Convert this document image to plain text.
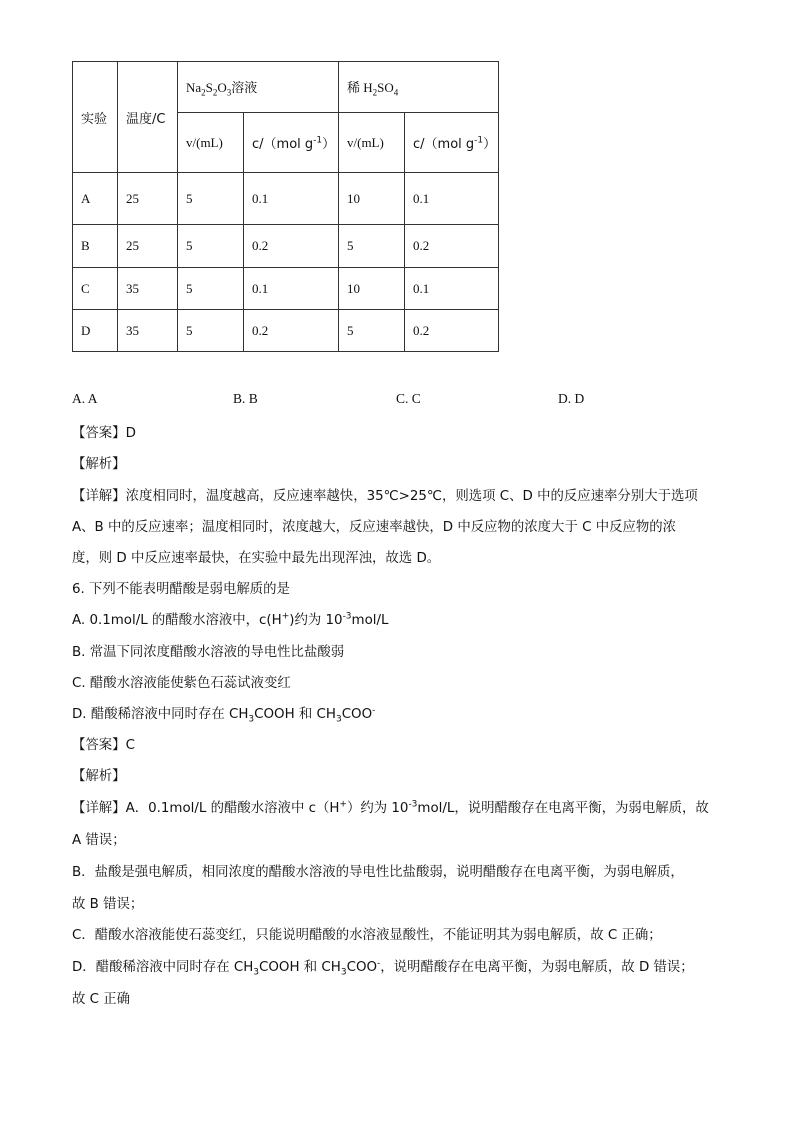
实验	温度/C	$Na_2S_2O_3$溶液		稀 $H_2SO_4$
		v/(mL)	c/（mol $g^{-1}$）	v/(mL)	c/（mol $g^{-1}$）
A	25	5	0.1	10	0.1
B	25	5	0.2	5	0.2
C	35	5	0.1	10	0.1
D	35	5	0.2	5	0.2
A. A	B. B	C. C	D. D
【答案】D
【解析】
【详解】浓度相同时，温度越高，反应速率越快，35℃>25℃，则选项 C、D 中的反应速率分别大于选项
A、B 中的反应速率；温度相同时，浓度越大，反应速率越快，D 中反应物的浓度大于 C 中反应物的浓
度，则 D 中反应速率最快，在实验中最先出现浑浊，故选 D。
6. 下列不能表明醋酸是弱电解质的是
A. 0.1mol/L 的醋酸水溶液中，c(H+)约为 $10^{-3}mol/L$
B. 常温下同浓度醋酸水溶液的导电性比盐酸弱
C. 醋酸水溶液能使紫色石蕊试液变红
D. 醋酸稀溶液中同时存在 $CH_3COOH$ 和 $CH_3COO^-$
【答案】C
【解析】
【详解】A．0.1mol/L 的醋酸水溶液中 c（H+）约为 $10^{-3}mol/L$，说明醋酸存在电离平衡，为弱电解质，故
A 错误；
B．盐酸是强电解质，相同浓度的醋酸水溶液的导电性比盐酸弱，说明醋酸存在电离平衡，为弱电解质，
故 B 错误；
C．醋酸水溶液能使石蕊变红，只能说明醋酸的水溶液显酸性，不能证明其为弱电解质，故 C 正确；
D．醋酸稀溶液中同时存在 $CH_3COOH$ 和 $CH_3COO^-$，说明醋酸存在电离平衡，为弱电解质，故 D 错误；
故 C 正确
